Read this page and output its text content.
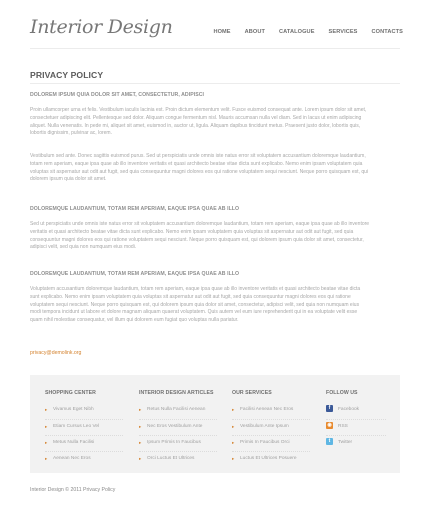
Interior Design	HOME	ABOUT	CATALOGUE	SERVICES	CONTACTS
PRIVACY POLICY
DOLOREM IPSUM QUIA DOLOR SIT AMET, CONSECTETUR, ADIPISCI

Proin ullamcorper urna et felis. Vestibulum iaculis lacinia est. Proin dictum elementum velit. Fusce euismod consequat ante. Lorem ipsum dolor sit amet, consectetuer adipiscing elit. Pellentesque sed dolor. Aliquam congue fermentum nisl. Mauris accumsan nulla vel diam. Sed in lacus ut enim adipiscing aliquet. Nulla venenatis. In pede mi, aliquet sit amet, euismod in, auctor ut, ligula. Aliquam dapibus tincidunt metus. Praesent justo dolor, lobortis quis, lobortis dignissim, pulvinar ac, lorem.

Vestibulum sed ante. Donec sagittis euismod purus. Sed ut perspiciatis unde omnis iste natus error sit voluptatem accusantium doloremque laudantium, totam rem aperiam, eaque ipsa quae ab illo inventore veritatis et quasi architecto beatae vitae dicta sunt explicabo. Nemo enim ipsam voluptatem quia voluptas sit aspernatur aut odit aut fugit, sed quia consequuntur magni dolores eos qui ratione voluptatem sequi nesciunt. Neque porro quisquam est, qui dolorem ipsum quia dolor sit amet.

DOLOREMQUE LAUDANTIUM, TOTAM REM APERIAM, EAQUE IPSA QUAE AB ILLO

Sed ut perspiciatis unde omnis iste natus error sit voluptatem accusantium doloremque laudantium, totam rem aperiam, eaque ipsa quae ab illo inventore veritatis et quasi architecto beatae vitae dicta sunt explicabo. Nemo enim ipsam voluptatem quia voluptas sit aspernatur aut odit aut fugit, sed quia consequuntur magni dolores eos qui ratione voluptatem sequi nesciunt. Neque porro quisquam est, qui dolorem ipsum quia dolor sit amet, consectetur, adipisci velit, sed quia non numquam eius modi.

DOLOREMQUE LAUDANTIUM, TOTAM REM APERIAM, EAQUE IPSA QUAE AB ILLO

Voluptatem accusantium doloremque laudantium, totam rem aperiam, eaque ipsa quae ab illo inventore veritatis et quasi architecto beatae vitae dicta sunt explicabo. Nemo enim ipsam voluptatem quia voluptas sit aspernatur aut odit aut fugit, sed quia consequuntur magni dolores eos qui ratione voluptatem sequi nesciunt. Neque porro quisquam est, qui dolorem ipsum quia dolor sit amet, consectetur, adipisci velit, sed quia non numquam eius modi tempora incidunt ut labore et dolore magnam aliquam quaerat voluptatem. Quis autem vel eum iure reprehenderit qui in ea voluptate velit esse quam nihil molestiae consequatur, vel illum qui dolorem eum fugiat quo voluptas nulla pariatur.

privacy@demolink.org
SHOPPING CENTER
▸	Vivamus Eget Nibh
▸	Etiam Cursus Leo Vel
▸	Metus Nulla Facilisi
▸	Aenean Nec Eros
INTERIOR DESIGN ARTICLES
▸	Retus Nulla Facilisi Aenean
▸	Nec Eros Vestibulum Ante
▸	Ipsum Primis In Faucibus
▸	Orci Luctus Et Ultrices
OUR SERVICES
▸	Facilisi Aenean Nec Eros
▸	Vestibulum Ante Ipsum
▸	Primis In Faucibus Orci
▸	Luctus Et Ultrices Posuere
FOLLOW US
f	Facebook
◉ RSS
t	Twitter
Interior Design © 2011 Privacy Policy
